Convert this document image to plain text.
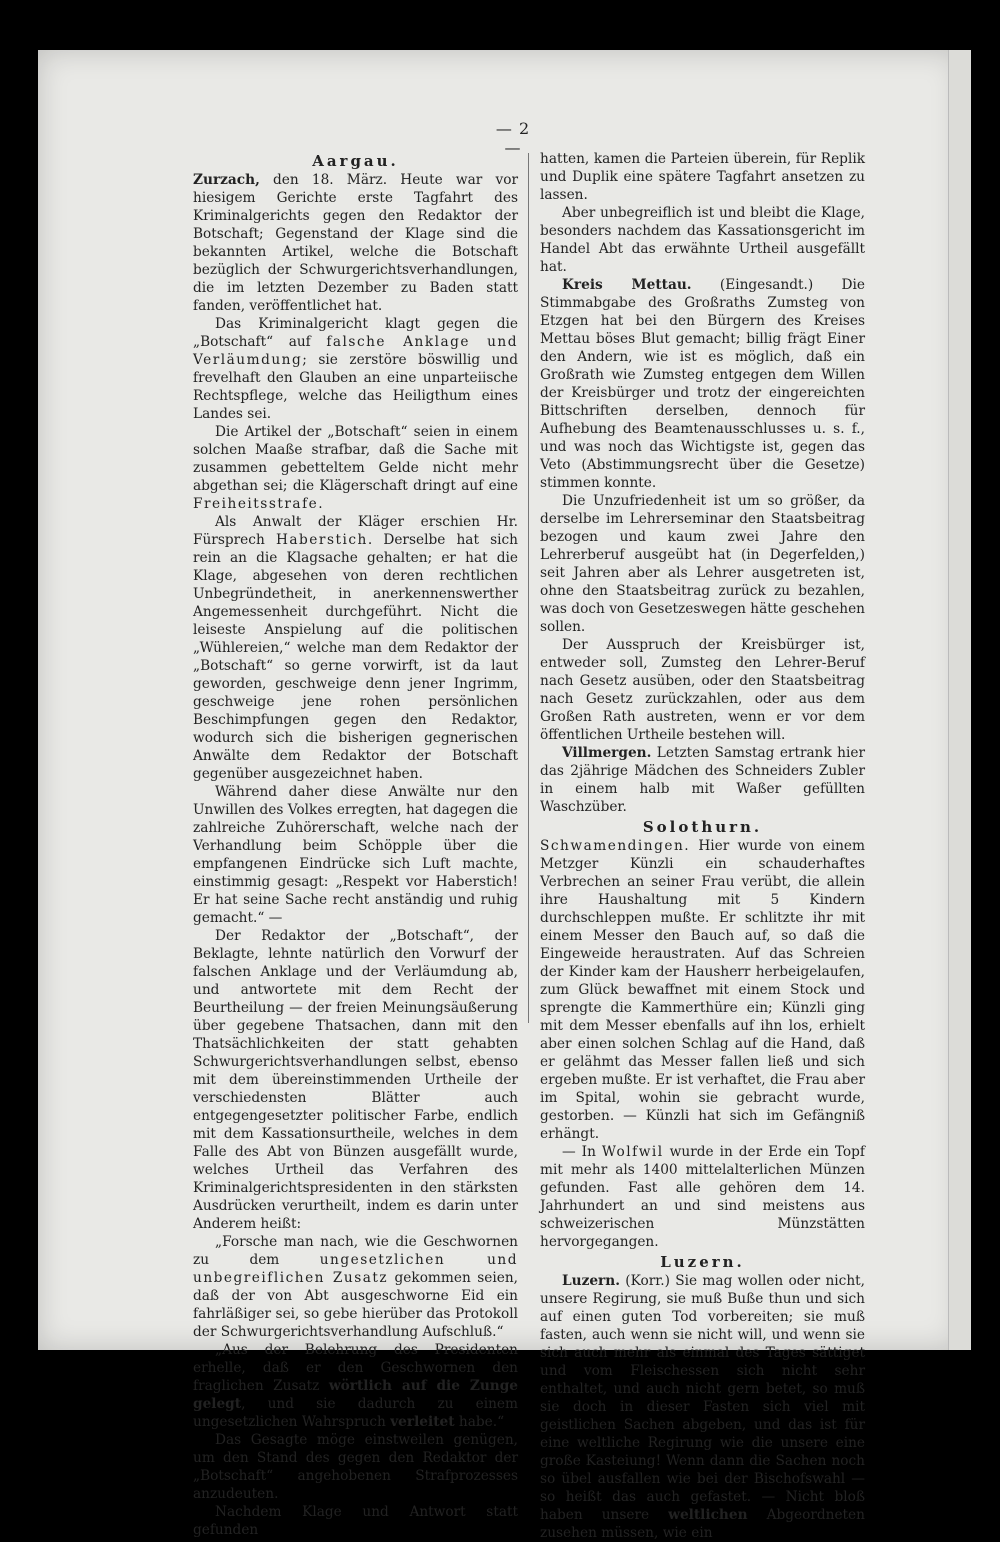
— 2 —
Aargau.

Zurzach, den 18. März. Heute war vor hiesigem Gerichte erste Tagfahrt des Kriminalgerichts gegen den Redaktor der Botschaft; Gegenstand der Klage sind die bekannten Artikel, welche die Botschaft bezüglich der Schwurgerichtsverhandlungen, die im letzten Dezember zu Baden statt fanden, veröffentlichet hat.

Das Kriminalgericht klagt gegen die „Botschaft“ auf falsche Anklage und Verläumdung; sie zerstöre böswillig und frevelhaft den Glauben an eine unparteiische Rechtspflege, welche das Heiligthum eines Landes sei.

Die Artikel der „Botschaft“ seien in einem solchen Maaße strafbar, daß die Sache mit zusammen gebetteltem Gelde nicht mehr abgethan sei; die Klägerschaft dringt auf eine Freiheitsstrafe.

Als Anwalt der Kläger erschien Hr. Fürsprech Haberstich. Derselbe hat sich rein an die Klagsache gehalten; er hat die Klage, abgesehen von deren rechtlichen Unbegründetheit, in anerkennenswerther Angemessenheit durchgeführt. Nicht die leiseste Anspielung auf die politischen „Wühlereien,“ welche man dem Redaktor der „Botschaft“ so gerne vorwirft, ist da laut geworden, geschweige denn jener Ingrimm, geschweige jene rohen persönlichen Beschimpfungen gegen den Redaktor, wodurch sich die bisherigen gegnerischen Anwälte dem Redaktor der Botschaft gegenüber ausgezeichnet haben.

Während daher diese Anwälte nur den Unwillen des Volkes erregten, hat dagegen die zahlreiche Zuhörerschaft, welche nach der Verhandlung beim Schöpple über die empfangenen Eindrücke sich Luft machte, einstimmig gesagt: „Respekt vor Haberstich! Er hat seine Sache recht anständig und ruhig gemacht.“ —

Der Redaktor der „Botschaft“, der Beklagte, lehnte natürlich den Vorwurf der falschen Anklage und der Verläumdung ab, und antwortete mit dem Recht der Beurtheilung — der freien Meinungsäußerung über gegebene Thatsachen, dann mit den Thatsächlichkeiten der statt gehabten Schwurgerichtsverhandlungen selbst, ebenso mit dem übereinstimmenden Urtheile der verschiedensten Blätter auch entgegengesetzter politischer Farbe, endlich mit dem Kassationsurtheile, welches in dem Falle des Abt von Bünzen ausgefällt wurde, welches Urtheil das Verfahren des Kriminalgerichtspresidenten in den stärksten Ausdrücken verurtheilt, indem es darin unter Anderem heißt:

„Forsche man nach, wie die Geschwornen zu dem ungesetzlichen und unbegreiflichen Zusatz gekommen seien, daß der von Abt ausgeschworne Eid ein fahrläßiger sei, so gebe hierüber das Protokoll der Schwurgerichtsverhandlung Aufschluß.“

„Aus der Belehrung des Presidenten erhelle, daß er den Geschwornen den fraglichen Zusatz wörtlich auf die Zunge gelegt, und sie dadurch zu einem ungesetzlichen Wahrspruch verleitet habe.“

Das Gesagte möge einstweilen genügen, um den Stand des gegen den Redaktor der „Botschaft“ angehobenen Strafprozesses anzudeuten.

Nachdem Klage und Antwort statt gefunden

hatten, kamen die Parteien überein, für Replik und Duplik eine spätere Tagfahrt ansetzen zu lassen.

Aber unbegreiflich ist und bleibt die Klage, besonders nachdem das Kassationsgericht im Handel Abt das erwähnte Urtheil ausgefällt hat.

Kreis Mettau. (Eingesandt.) Die Stimmabgabe des Großraths Zumsteg von Etzgen hat bei den Bürgern des Kreises Mettau böses Blut gemacht; billig frägt Einer den Andern, wie ist es möglich, daß ein Großrath wie Zumsteg entgegen dem Willen der Kreisbürger und trotz der eingereichten Bittschriften derselben, dennoch für Aufhebung des Beamtenausschlusses u. s. f., und was noch das Wichtigste ist, gegen das Veto (Abstimmungsrecht über die Gesetze) stimmen konnte.

Die Unzufriedenheit ist um so größer, da derselbe im Lehrerseminar den Staatsbeitrag bezogen und kaum zwei Jahre den Lehrerberuf ausgeübt hat (in Degerfelden,) seit Jahren aber als Lehrer ausgetreten ist, ohne den Staatsbeitrag zurück zu bezahlen, was doch von Gesetzeswegen hätte geschehen sollen.

Der Ausspruch der Kreisbürger ist, entweder soll, Zumsteg den Lehrer-Beruf nach Gesetz ausüben, oder den Staatsbeitrag nach Gesetz zurückzahlen, oder aus dem Großen Rath austreten, wenn er vor dem öffentlichen Urtheile bestehen will.

Villmergen. Letzten Samstag ertrank hier das 2jährige Mädchen des Schneiders Zubler in einem halb mit Waßer gefüllten Waschzüber.

Solothurn.

Schwamendingen. Hier wurde von einem Metzger Künzli ein schauderhaftes Verbrechen an seiner Frau verübt, die allein ihre Haushaltung mit 5 Kindern durchschleppen mußte. Er schlitzte ihr mit einem Messer den Bauch auf, so daß die Eingeweide heraustraten. Auf das Schreien der Kinder kam der Hausherr herbeigelaufen, zum Glück bewaffnet mit einem Stock und sprengte die Kammerthüre ein; Künzli ging mit dem Messer ebenfalls auf ihn los, erhielt aber einen solchen Schlag auf die Hand, daß er gelähmt das Messer fallen ließ und sich ergeben mußte. Er ist verhaftet, die Frau aber im Spital, wohin sie gebracht wurde, gestorben. — Künzli hat sich im Gefängniß erhängt.

— In Wolfwil wurde in der Erde ein Topf mit mehr als 1400 mittelalterlichen Münzen gefunden. Fast alle gehören dem 14. Jahrhundert an und sind meistens aus schweizerischen Münzstätten hervorgegangen.

Luzern.

Luzern. (Korr.) Sie mag wollen oder nicht, unsere Regirung, sie muß Buße thun und sich auf einen guten Tod vorbereiten; sie muß fasten, auch wenn sie nicht will, und wenn sie sich auch mehr als einmal des Tages sättiget und vom Fleischessen sich nicht sehr enthaltet, und auch nicht gern betet, so muß sie doch in dieser Fasten sich viel mit geistlichen Sachen abgeben, und das ist für eine weltliche Regirung wie die unsere eine große Kasteiung! Wenn dann die Sachen noch so übel ausfallen wie bei der Bischofswahl — so heißt das auch gefastet. — Nicht bloß haben unsere weltlichen Abgeordneten zusehen müssen, wie ein
